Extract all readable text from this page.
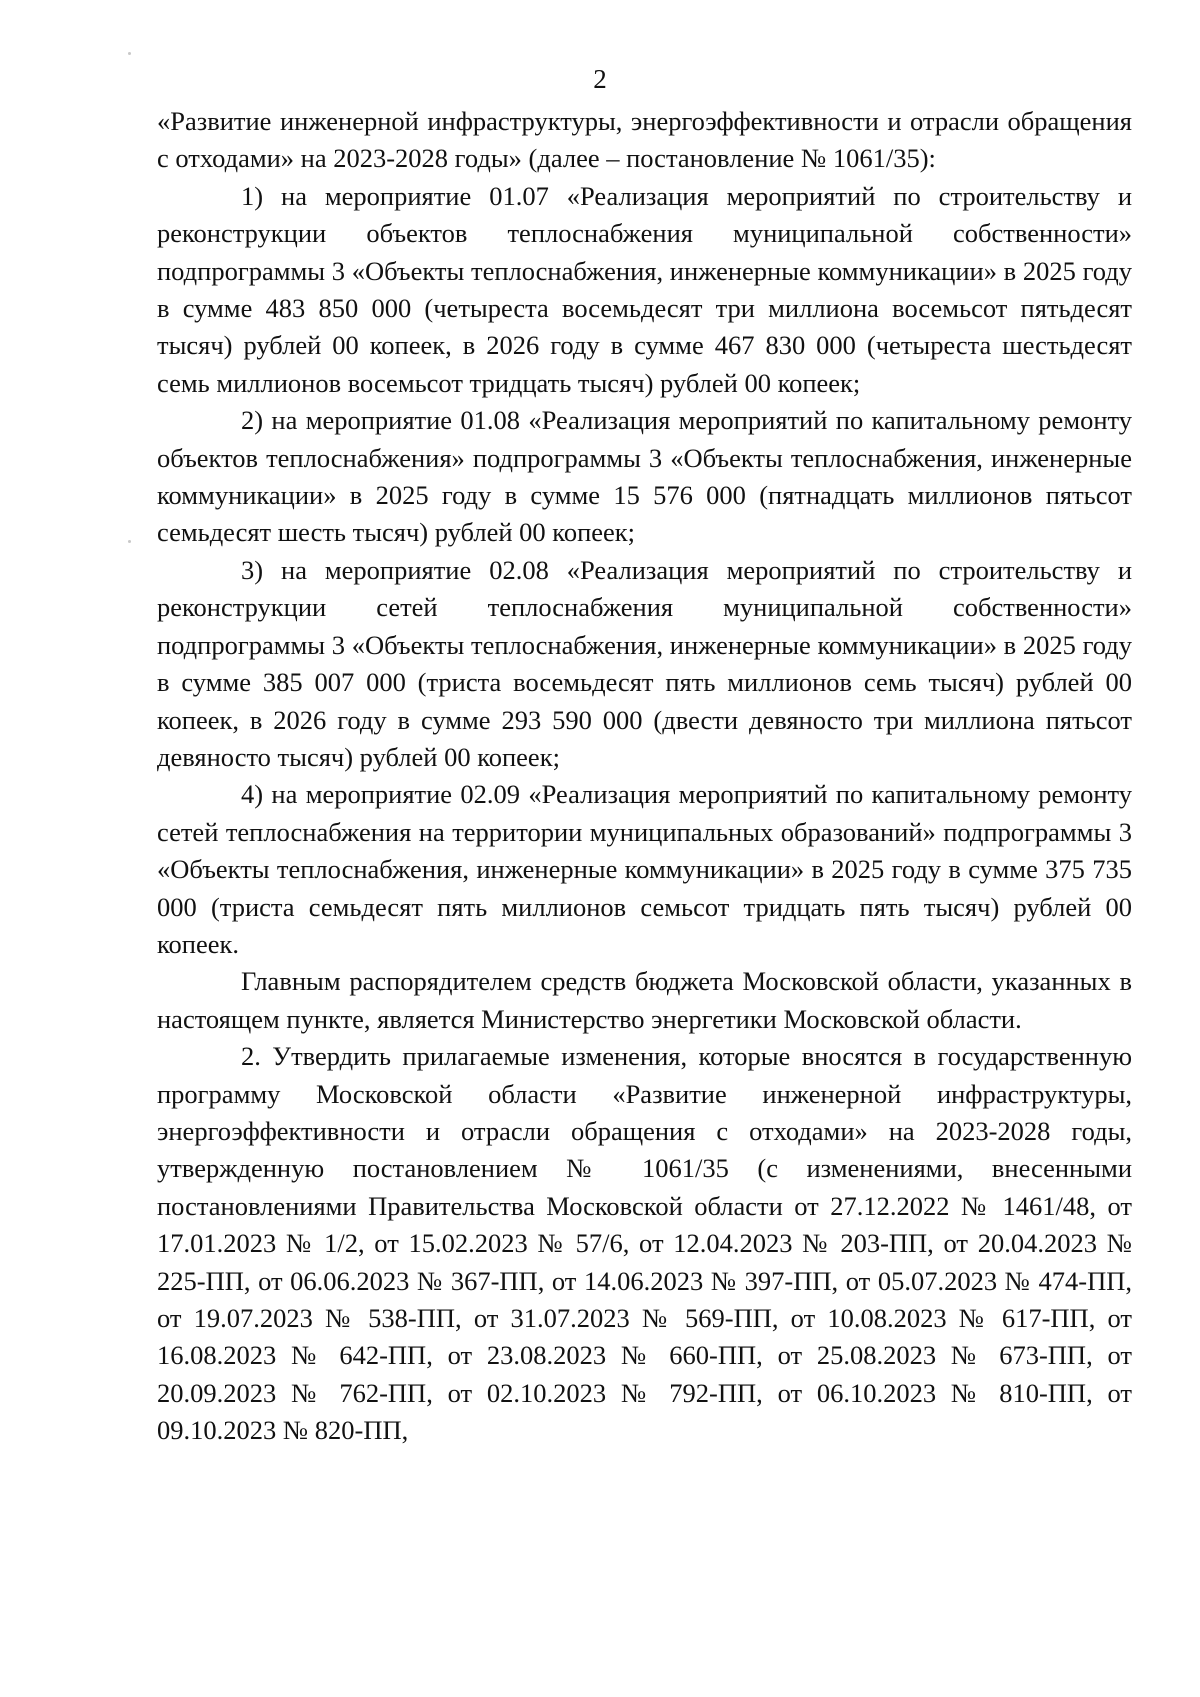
2

«Развитие инженерной инфраструктуры, энергоэффективности и отрасли обращения с отходами» на 2023-2028 годы» (далее – постановление № 1061/35):

1) на мероприятие 01.07 «Реализация мероприятий по строительству и реконструкции объектов теплоснабжения муниципальной собственности» подпрограммы 3 «Объекты теплоснабжения, инженерные коммуникации» в 2025 году в сумме 483 850 000 (четыреста восемьдесят три миллиона восемьсот пятьдесят тысяч) рублей 00 копеек, в 2026 году в сумме 467 830 000 (четыреста шестьдесят семь миллионов восемьсот тридцать тысяч) рублей 00 копеек;

2) на мероприятие 01.08 «Реализация мероприятий по капитальному ремонту объектов теплоснабжения» подпрограммы 3 «Объекты теплоснабжения, инженерные коммуникации» в 2025 году в сумме 15 576 000 (пятнадцать миллионов пятьсот семьдесят шесть тысяч) рублей 00 копеек;

3) на мероприятие 02.08 «Реализация мероприятий по строительству и реконструкции сетей теплоснабжения муниципальной собственности» подпрограммы 3 «Объекты теплоснабжения, инженерные коммуникации» в 2025 году в сумме 385 007 000 (триста восемьдесят пять миллионов семь тысяч) рублей 00 копеек, в 2026 году в сумме 293 590 000 (двести девяносто три миллиона пятьсот девяносто тысяч) рублей 00 копеек;

4) на мероприятие 02.09 «Реализация мероприятий по капитальному ремонту сетей теплоснабжения на территории муниципальных образований» подпрограммы 3 «Объекты теплоснабжения, инженерные коммуникации» в 2025 году в сумме 375 735 000 (триста семьдесят пять миллионов семьсот тридцать пять тысяч) рублей 00 копеек.

Главным распорядителем средств бюджета Московской области, указанных в настоящем пункте, является Министерство энергетики Московской области.

2. Утвердить прилагаемые изменения, которые вносятся в государственную программу Московской области «Развитие инженерной инфраструктуры, энергоэффективности и отрасли обращения с отходами» на 2023-2028 годы, утвержденную постановлением № 1061/35 (с изменениями, внесенными постановлениями Правительства Московской области от 27.12.2022 № 1461/48, от 17.01.2023 № 1/2, от 15.02.2023 № 57/6, от 12.04.2023 № 203-ПП, от 20.04.2023 № 225-ПП, от 06.06.2023 № 367-ПП, от 14.06.2023 № 397-ПП, от 05.07.2023 № 474-ПП, от 19.07.2023 № 538-ПП, от 31.07.2023 № 569-ПП, от 10.08.2023 № 617-ПП, от 16.08.2023 № 642-ПП, от 23.08.2023 № 660-ПП, от 25.08.2023 № 673-ПП, от 20.09.2023 № 762-ПП, от 02.10.2023 № 792-ПП, от 06.10.2023 № 810-ПП, от 09.10.2023 № 820-ПП,
